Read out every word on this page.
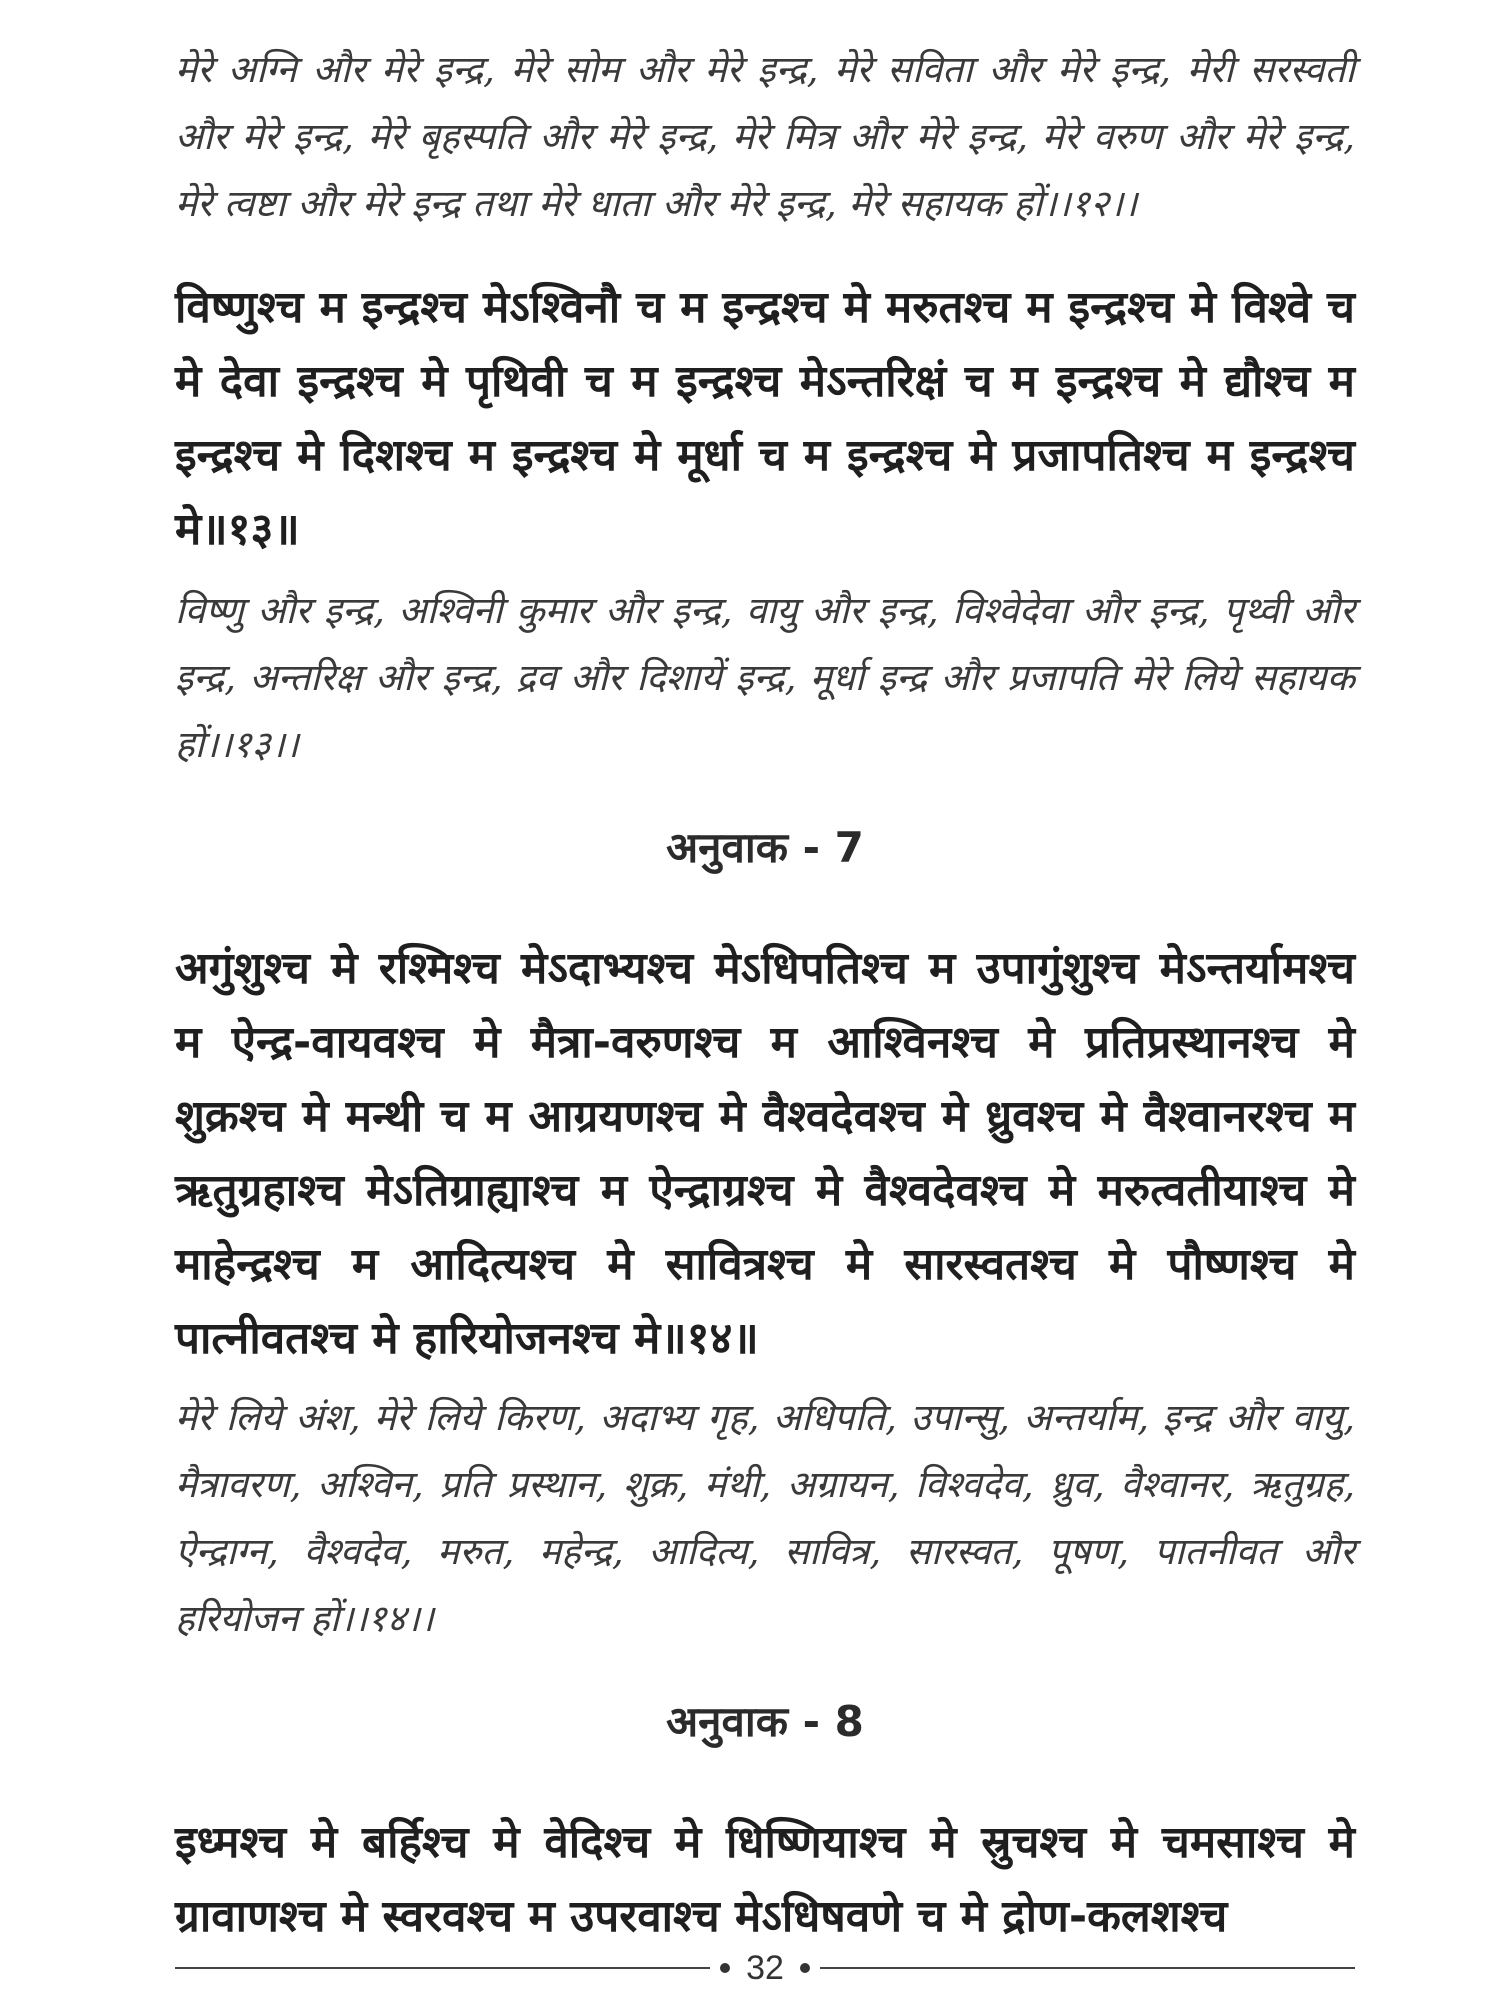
मेरे अग्नि और मेरे इन्द्र, मेरे सोम और मेरे इन्द्र, मेरे सविता और मेरे इन्द्र, मेरी सरस्वती और मेरे इन्द्र, मेरे बृहस्पति और मेरे इन्द्र, मेरे मित्र और मेरे इन्द्र, मेरे वरुण और मेरे इन्द्र, मेरे त्वष्टा और मेरे इन्द्र तथा मेरे धाता और मेरे इन्द्र, मेरे सहायक हों।।१२।।

विष्णुश्च म इन्द्रश्च मेऽश्विनौ च म इन्द्रश्च मे मरुतश्च म इन्द्रश्च मे विश्वे च मे देवा इन्द्रश्च मे पृथिवी च म इन्द्रश्च मेऽन्तरिक्षं च म इन्द्रश्च मे द्यौश्च म इन्द्रश्च मे दिशश्च म इन्द्रश्च मे मूर्धा च म इन्द्रश्च मे प्रजापतिश्च म इन्द्रश्च मे॥१३॥

विष्णु और इन्द्र, अश्विनी कुमार और इन्द्र, वायु और इन्द्र, विश्वेदेवा और इन्द्र, पृथ्वी और इन्द्र, अन्तरिक्ष और इन्द्र, द्रव और दिशायें इन्द्र, मूर्धा इन्द्र और प्रजापति मेरे लिये सहायक हों।।१३।।

अनुवाक - 7

अगुंशुश्च मे रश्मिश्च मेऽदाभ्यश्च मेऽधिपतिश्च म उपागुंशुश्च मेऽन्तर्यामश्च म ऐन्द्र-वायवश्च मे मैत्रा-वरुणश्च म आश्विनश्च मे प्रतिप्रस्थानश्च मे शुक्रश्च मे मन्थी च म आग्रयणश्च मे वैश्वदेवश्च मे ध्रुवश्च मे वैश्वानरश्च म ऋतुग्रहाश्च मेऽतिग्राह्याश्च म ऐन्द्राग्रश्च मे वैश्वदेवश्च मे मरुत्वतीयाश्च मे माहेन्द्रश्च म आदित्यश्च मे सावित्रश्च मे सारस्वतश्च मे पौष्णश्च मे पात्नीवतश्च मे हारियोजनश्च मे॥१४॥

मेरे लिये अंश, मेरे लिये किरण, अदाभ्य गृह, अधिपति, उपान्सु, अन्तर्याम, इन्द्र और वायु, मैत्रावरण, अश्विन, प्रति प्रस्थान, शुक्र, मंथी, अग्रायन, विश्वदेव, ध्रुव, वैश्वानर, ऋतुग्रह, ऐन्द्राग्न, वैश्वदेव, मरुत, महेन्द्र, आदित्य, सावित्र, सारस्वत, पूषण, पातनीवत और हरियोजन हों।।१४।।

अनुवाक - 8

इध्मश्च मे बर्हिश्च मे वेदिश्च मे धिष्णियाश्च मे स्रुचश्च मे चमसाश्च मे ग्रावाणश्च मे स्वरवश्च म उपरवाश्च मेऽधिषवणे च मे द्रोण-कलशश्च

32
